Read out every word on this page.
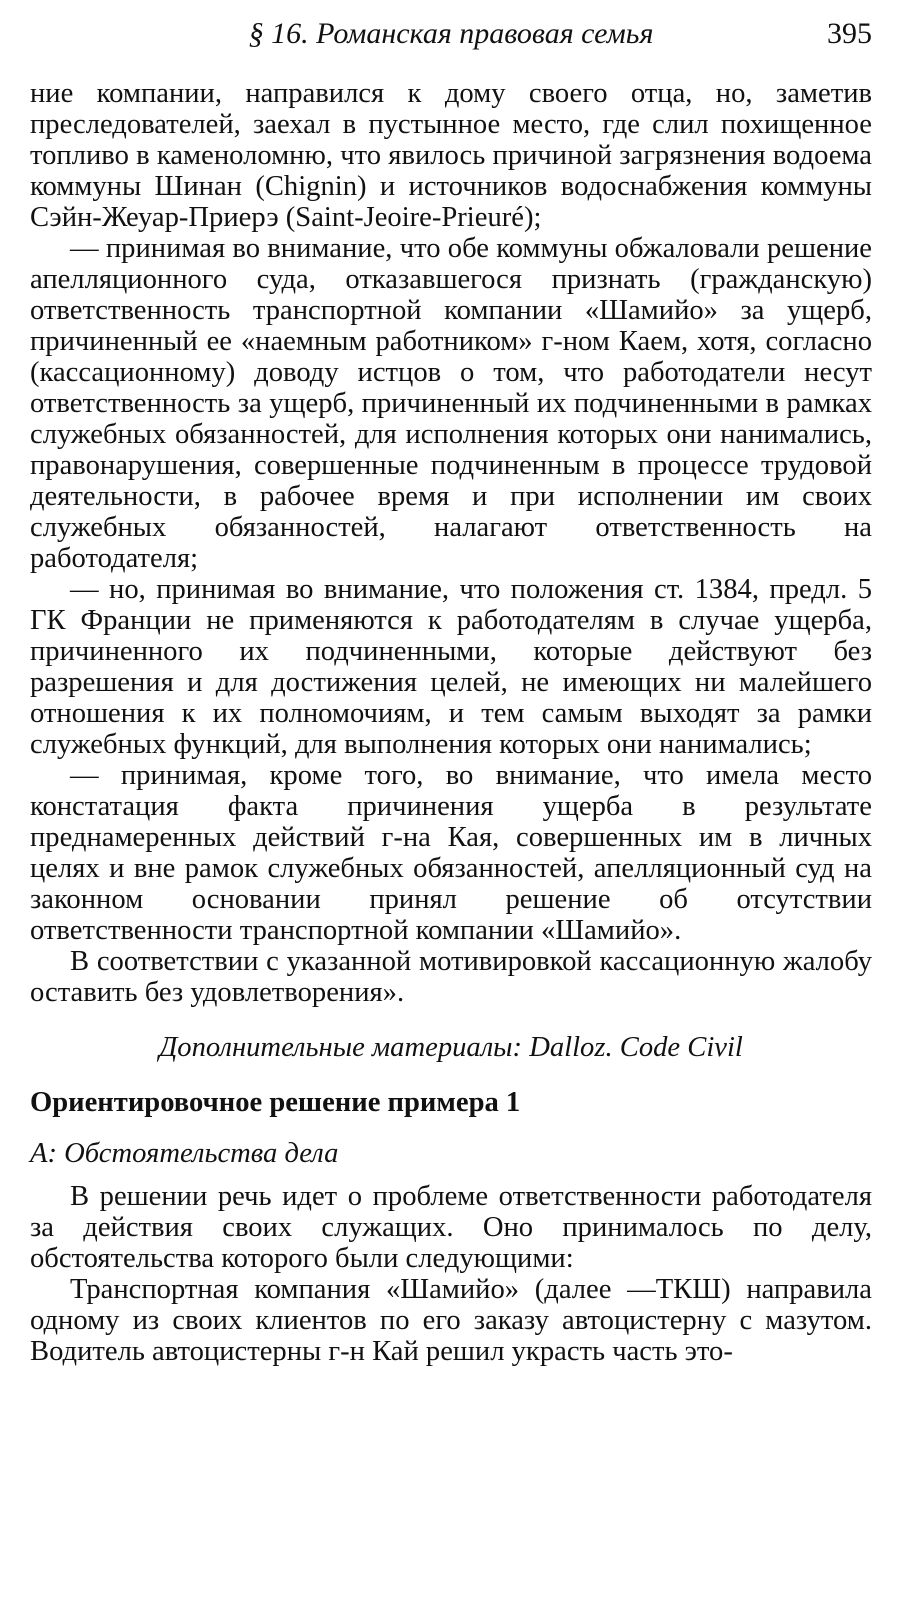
§ 16. Романская правовая семья	395

ние компании, направился к дому своего отца, но, заметив преследователей, заехал в пустынное место, где слил похищенное топливо в каменоломню, что явилось причиной загрязнения водоема коммуны Шинан (Chignin) и источников водоснабжения коммуны Сэйн-Жеуар-Приерэ (Saint-Jeoire-Prieuré);

— принимая во внимание, что обе коммуны обжаловали решение апелляционного суда, отказавшегося признать (гражданскую) ответственность транспортной компании «Шамийо» за ущерб, причиненный ее «наемным работником» г-ном Каем, хотя, согласно (кассационному) доводу истцов о том, что работодатели несут ответственность за ущерб, причиненный их подчиненными в рамках служебных обязанностей, для исполнения которых они нанимались, правонарушения, совершенные подчиненным в процессе трудовой деятельности, в рабочее время и при исполнении им своих служебных обязанностей, налагают ответственность на работодателя;

— но, принимая во внимание, что положения ст. 1384, предл. 5 ГК Франции не применяются к работодателям в случае ущерба, причиненного их подчиненными, которые действуют без разрешения и для достижения целей, не имеющих ни малейшего отношения к их полномочиям, и тем самым выходят за рамки служебных функций, для выполнения которых они нанимались;

— принимая, кроме того, во внимание, что имела место констатация факта причинения ущерба в результате преднамеренных действий г-на Кая, совершенных им в личных целях и вне рамок служебных обязанностей, апелляционный суд на законном основании принял решение об отсутствии ответственности транспортной компании «Шамийо».

В соответствии с указанной мотивировкой кассационную жалобу оставить без удовлетворения».

Дополнительные материалы: Dalloz. Code Civil

Ориентировочное решение примера 1

А: Обстоятельства дела

В решении речь идет о проблеме ответственности работодателя за действия своих служащих. Оно принималось по делу, обстоятельства которого были следующими:

Транспортная компания «Шамийо» (далее —ТКШ) направила одному из своих клиентов по его заказу автоцистерну с мазутом. Водитель автоцистерны г-н Кай решил украсть часть это-
